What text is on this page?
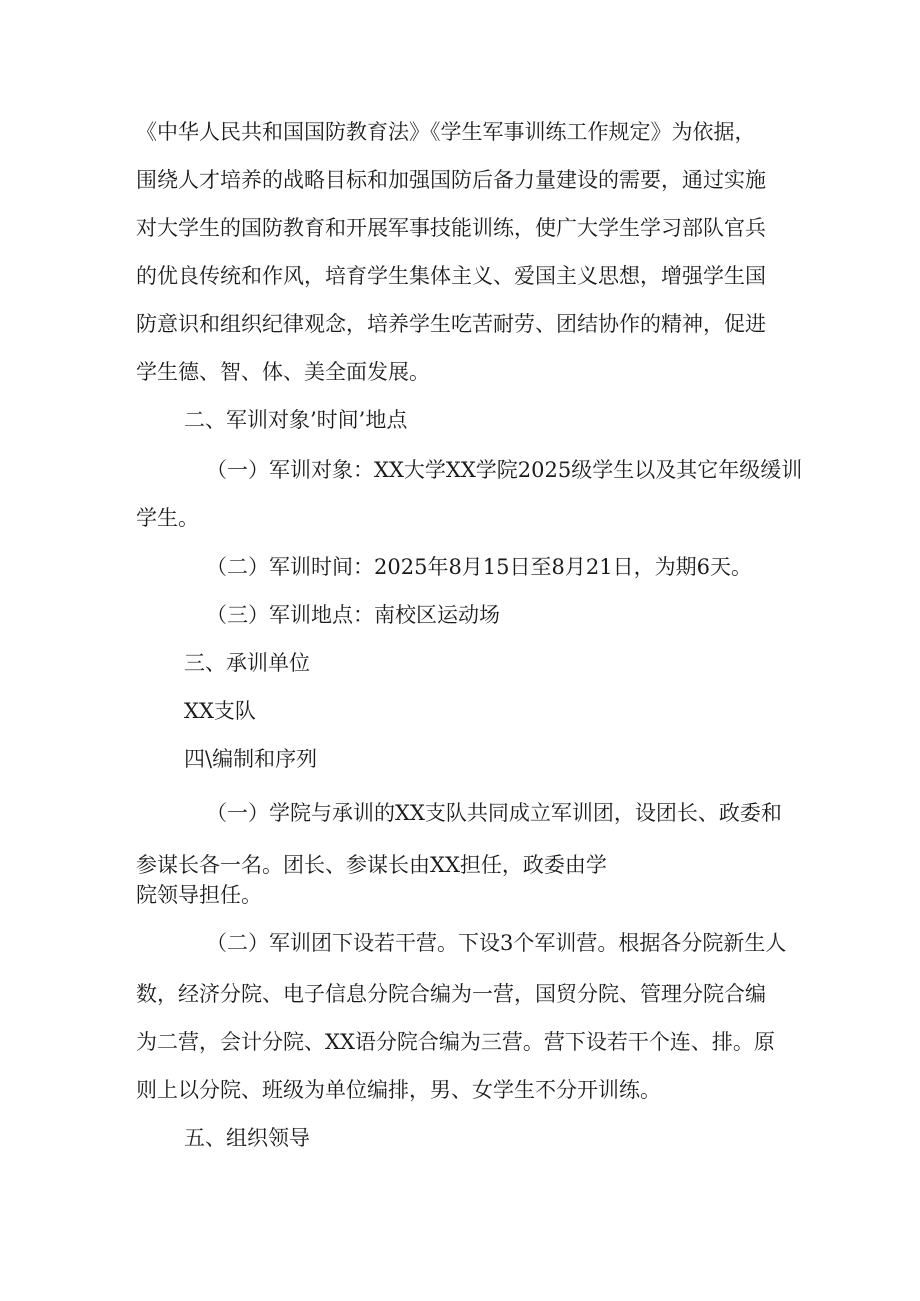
《中华人民共和国国防教育法》《学生军事训练工作规定》为依据，
围绕人才培养的战略目标和加强国防后备力量建设的需要，通过实施
对大学生的国防教育和开展军事技能训练，使广大学生学习部队官兵
的优良传统和作风，培育学生集体主义、爱国主义思想，增强学生国
防意识和组织纪律观念，培养学生吃苦耐劳、团结协作的精神，促进
学生德、智、体、美全面发展。
二、军训对象’时间’地点
（一）军训对象：XX大学XX学院2025级学生以及其它年级缓训
学生。
（二）军训时间：2025年8月15日至8月21日，为期6天。
（三）军训地点：南校区运动场
三、承训单位
XX支队
四\编制和序列
（一）学院与承训的XX支队共同成立军训团，设团长、政委和
参谋长各一名。团长、参谋长由XX担任，政委由学
院领导担任。
（二）军训团下设若干营。下设3个军训营。根据各分院新生人
数，经济分院、电子信息分院合编为一营，国贸分院、管理分院合编
为二营，会计分院、XX语分院合编为三营。营下设若干个连、排。原
则上以分院、班级为单位编排，男、女学生不分开训练。
五、组织领导
